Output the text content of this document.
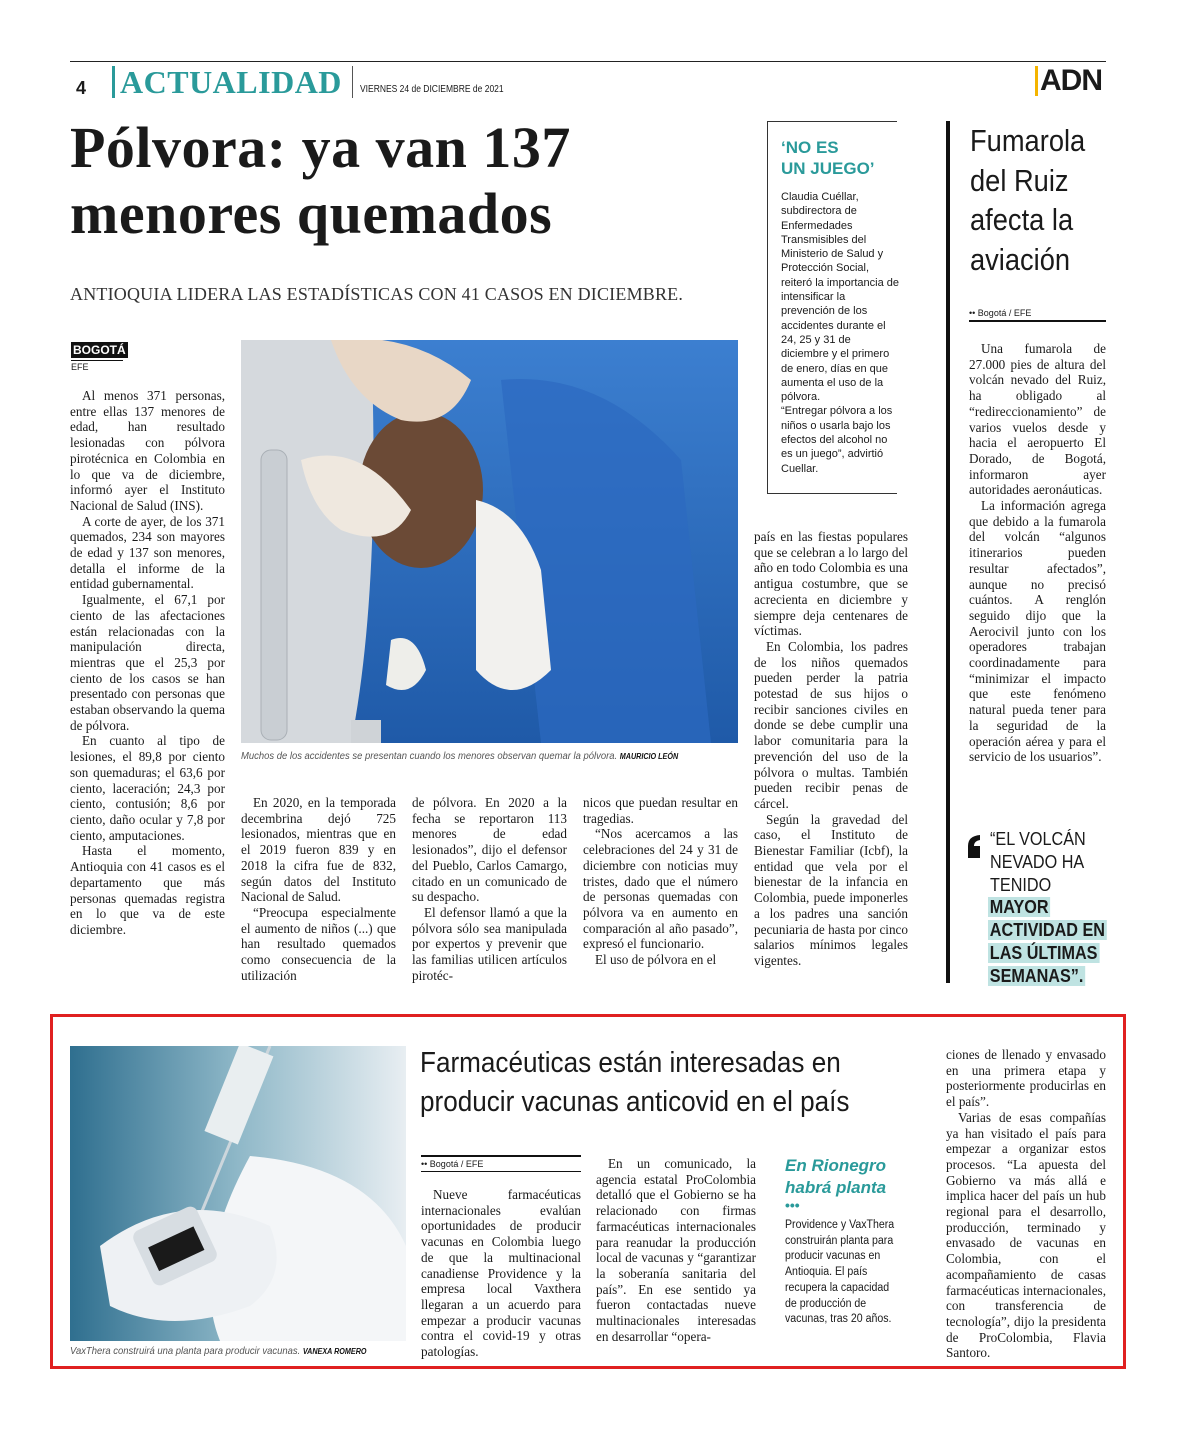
4 ACTUALIDAD VIERNES 24 de DICIEMBRE de 2021	ADN
Pólvora: ya van 137 menores quemados
ANTIOQUIA LIDERA LAS ESTADÍSTICAS CON 41 CASOS EN DICIEMBRE.
BOGOTÁ
EFE

Al menos 371 personas, entre ellas 137 menores de edad, han resultado lesionadas con pólvora pirotécnica en Colombia en lo que va de diciembre, informó ayer el Instituto Nacional de Salud (INS).

A corte de ayer, de los 371 quemados, 234 son mayores de edad y 137 son menores, detalla el informe de la entidad gubernamental.

Igualmente, el 67,1 por ciento de las afectaciones están relacionadas con la manipulación directa, mientras que el 25,3 por ciento de los casos se han presentado con personas que estaban observando la quema de pólvora.

En cuanto al tipo de lesiones, el 89,8 por ciento son quemaduras; el 63,6 por ciento, laceración; 24,3 por ciento, contusión; 8,6 por ciento, daño ocular y 7,8 por ciento, amputaciones.

Hasta el momento, Antioquia con 41 casos es el departamento que más personas quemadas registra en lo que va de este diciembre.

Muchos de los accidentes se presentan cuando los menores observan quemar la pólvora. MAURICIO LEÓN

En 2020, en la temporada decembrina dejó 725 lesionados, mientras que en el 2019 fueron 839 y en 2018 la cifra fue de 832, según datos del Instituto Nacional de Salud.

“Preocupa especialmente el aumento de niños (...) que han resultado quemados como consecuencia de la utilización

de pólvora. En 2020 a la fecha se reportaron 113 menores de edad lesionados”, dijo el defensor del Pueblo, Carlos Camargo, citado en un comunicado de su despacho.

El defensor llamó a que la pólvora sólo sea manipulada por expertos y prevenir que las familias utilicen artículos pirotéc-

nicos que puedan resultar en tragedias.

“Nos acercamos a las celebraciones del 24 y 31 de diciembre con noticias muy tristes, dado que el número de personas quemadas con pólvora va en aumento en comparación al año pasado”, expresó el funcionario.

El uso de pólvora en el

país en las fiestas populares que se celebran a lo largo del año en todo Colombia es una antigua costumbre, que se acrecienta en diciembre y siempre deja centenares de víctimas.

En Colombia, los padres de los niños quemados pueden perder la patria potestad de sus hijos o recibir sanciones civiles en donde se debe cumplir una labor comunitaria para la prevención del uso de la pólvora o multas. También pueden recibir penas de cárcel.

Según la gravedad del caso, el Instituto de Bienestar Familiar (Icbf), la entidad que vela por el bienestar de la infancia en Colombia, puede imponerles a los padres una sanción pecuniaria de hasta por cinco salarios mínimos legales vigentes.

‘NO ES
UN JUEGO’
Claudia Cuéllar, subdirectora de Enfermedades Transmisibles del Ministerio de Salud y Protección Social, reiteró la importancia de intensificar la prevención de los accidentes durante el 24, 25 y 31 de diciembre y el primero de enero, días en que aumenta el uso de la pólvora.
“Entregar pólvora a los niños o usarla bajo los efectos del alcohol no es un juego”, advirtió Cuellar.
Fumarola del Ruiz afecta la aviación
•• Bogotá / EFE

Una fumarola de 27.000 pies de altura del volcán nevado del Ruiz, ha obligado al “redireccionamiento” de varios vuelos desde y hacia el aeropuerto El Dorado, de Bogotá, informaron ayer autoridades aeronáuticas.

La información agrega que debido a la fumarola del volcán “algunos itinerarios pueden resultar afectados”, aunque no precisó cuántos. A renglón seguido dijo que la Aerocivil junto con los operadores trabajan coordinadamente para “minimizar el impacto que este fenómeno natural pueda tener para la seguridad de la operación aérea y para el servicio de los usuarios”.

“EL VOLCÁN NEVADO HA TENIDO
MAYOR ACTIVIDAD EN LAS ÚLTIMAS SEMANAS”.
VaxThera construirá una planta para producir vacunas. VANEXA ROMERO
Farmacéuticas están interesadas en producir vacunas anticovid en el país
•• Bogotá / EFE

Nueve farmacéuticas internacionales evalúan oportunidades de producir vacunas en Colombia luego de que la multinacional canadiense Providence y la empresa local Vaxthera llegaran a un acuerdo para empezar a producir vacunas contra el covid-19 y otras patologías.

En un comunicado, la agencia estatal ProColombia detalló que el Gobierno se ha relacionado con firmas farmacéuticas internacionales para reanudar la producción local de vacunas y “garantizar la soberanía sanitaria del país”. En ese sentido ya fueron contactadas nueve multinacionales interesadas en desarrollar “opera-

En Rionegro habrá planta
•••
Providence y VaxThera construirán planta para producir vacunas en Antioquia. El país recupera la capacidad de producción de vacunas, tras 20 años.

ciones de llenado y envasado en una primera etapa y posteriormente producirlas en el país”.

Varias de esas compañías ya han visitado el país para empezar a organizar estos procesos. “La apuesta del Gobierno va más allá e implica hacer del país un hub regional para el desarrollo, producción, terminado y envasado de vacunas en Colombia, con el acompañamiento de casas farmacéuticas internacionales, con transferencia de tecnología”, dijo la presidenta de ProColombia, Flavia Santoro.
